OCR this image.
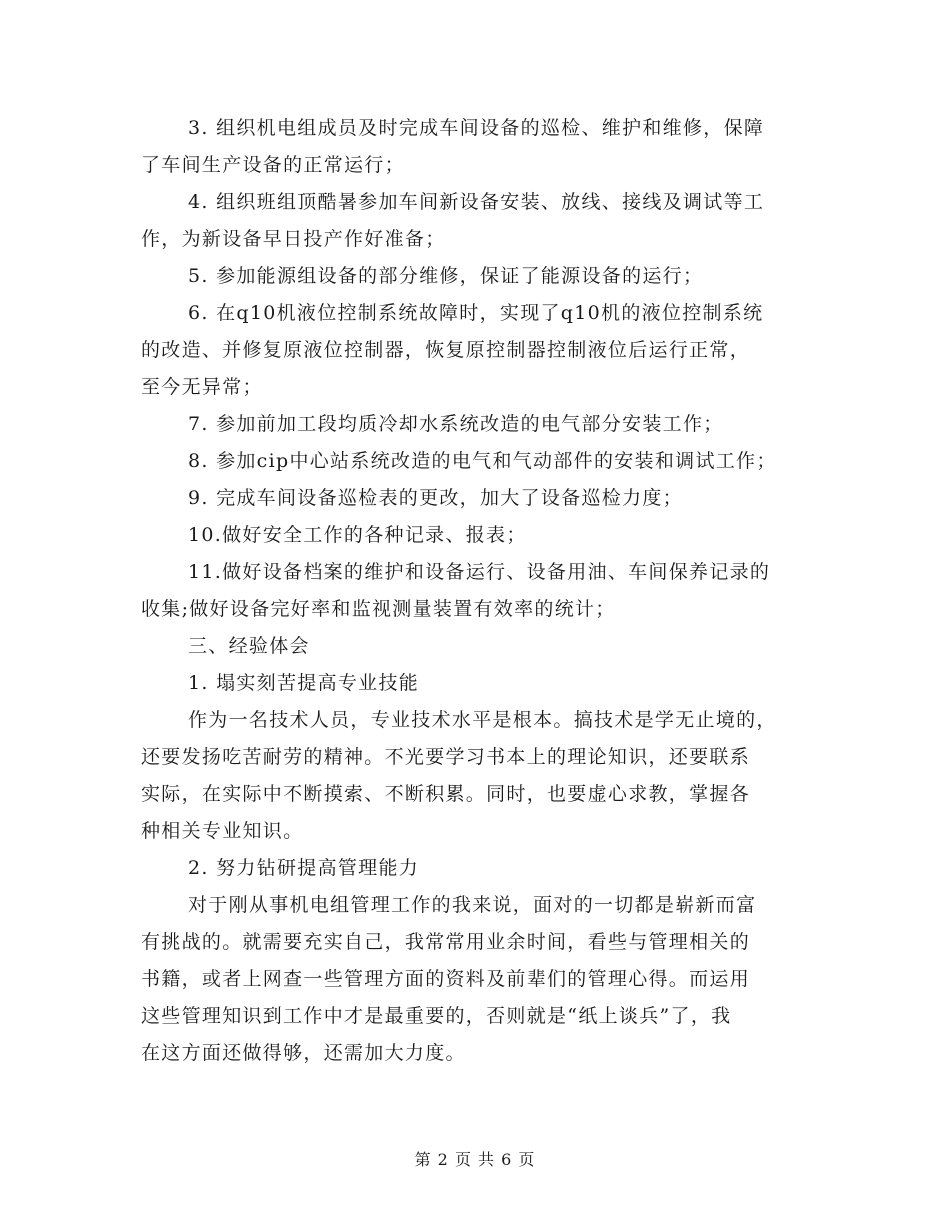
3. 组织机电组成员及时完成车间设备的巡检、维护和维修，保障
了车间生产设备的正常运行；
4. 组织班组顶酷暑参加车间新设备安装、放线、接线及调试等工
作，为新设备早日投产作好准备；
5. 参加能源组设备的部分维修，保证了能源设备的运行；
6. 在q10机液位控制系统故障时，实现了q10机的液位控制系统
的改造、并修复原液位控制器，恢复原控制器控制液位后运行正常，
至今无异常；
7. 参加前加工段均质冷却水系统改造的电气部分安装工作；
8. 参加cip中心站系统改造的电气和气动部件的安装和调试工作；
9. 完成车间设备巡检表的更改，加大了设备巡检力度；
10.做好安全工作的各种记录、报表；
11.做好设备档案的维护和设备运行、设备用油、车间保养记录的
收集;做好设备完好率和监视测量装置有效率的统计；
三、经验体会
1. 塌实刻苦提高专业技能
作为一名技术人员，专业技术水平是根本。搞技术是学无止境的，
还要发扬吃苦耐劳的精神。不光要学习书本上的理论知识，还要联系
实际，在实际中不断摸索、不断积累。同时，也要虚心求教，掌握各
种相关专业知识。
2. 努力钻研提高管理能力
对于刚从事机电组管理工作的我来说，面对的一切都是崭新而富
有挑战的。就需要充实自己，我常常用业余时间，看些与管理相关的
书籍，或者上网查一些管理方面的资料及前辈们的管理心得。而运用
这些管理知识到工作中才是最重要的，否则就是“纸上谈兵”了，我
在这方面还做得够，还需加大力度。
第 2 页 共 6 页
